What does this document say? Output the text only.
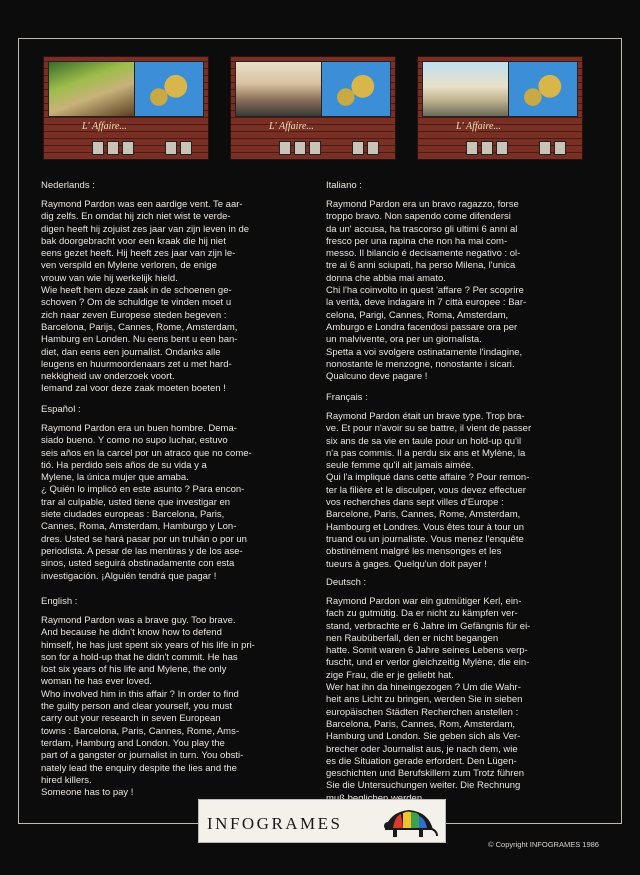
L' Affaire...	L' Affaire...	L' Affaire...

Nederlands :

Raymond Pardon was een aardige vent. Te aar-
dig zelfs. En omdat hij zich niet wist te verde-
digen heeft hij zojuist zes jaar van zijn leven in de
bak doorgebracht voor een kraak die hij niet
eens gezet heeft. Hij heeft zes jaar van zijn le-
ven verspild en Mylene verloren, de enige
vrouw van wie hij werkelijk hield.
Wie heeft hem deze zaak in de schoenen ge-
schoven ? Om de schuldige te vinden moet u
zich naar zeven Europese steden begeven :
Barcelona, Parijs, Cannes, Rome, Amsterdam,
Hamburg en Londen. Nu eens bent u een ban-
diet, dan eens een journalist. Ondanks alle
leugens en huurmoordenaars zet u met hard-
nekkigheid uw onderzoek voort.
Iemand zal voor deze zaak moeten boeten !

Español :

Raymond Pardon era un buen hombre. Dema-
siado bueno. Y como no supo luchar, estuvo
seis años en la carcel por un atraco que no come-
tió. Ha perdido seis años de su vida y a
Mylene, la única mujer que amaba.
¿ Quién lo implicó en este asunto ? Para encon-
trar al culpable, usted tiene que investigar en
siete ciudades europeas : Barcelona, Paris,
Cannes, Roma, Amsterdam, Hamburgo y Lon-
dres. Usted se hará pasar por un truhán o por un
periodista. A pesar de las mentiras y de los ase-
sinos, usted seguirá obstinadamente con esta
investigación. ¡Alguién tendrá que pagar !

English :

Raymond Pardon was a brave guy. Too brave.
And because he didn't know how to defend
himself, he has just spent six years of his life in pri-
son for a hold-up that he didn't commit. He has
lost six years of his life and Mylene, the only
woman he has ever loved.
Who involved him in this affair ? In order to find
the guilty person and clear yourself, you must
carry out your research in seven European
towns : Barcelona, Paris, Cannes, Rome, Ams-
terdam, Hamburg and London. You play the
part of a gangster or journalist in turn. You obsti-
nately lead the enquiry despite the lies and the
hired killers.
Someone has to pay !

Italiano :

Raymond Pardon era un bravo ragazzo, forse
troppo bravo. Non sapendo come difendersi
da un' accusa, ha trascorso gli ultimi 6 anni al
fresco per una rapina che non ha mai com-
messo. Il bilancio é decisamente negativo : ol-
tre ai 6 anni sciupati, ha perso Milena, l'unica
donna che abbia mai amato.
Chi l'ha coinvolto in quest 'affare ? Per scoprire
la verità, deve indagare in 7 città europee : Bar-
celona, Parigi, Cannes, Roma, Amsterdam,
Amburgo e Londra facendosi passare ora per
un malvivente, ora per un giornalista.
Spetta a voi svolgere ostinatamente l'indagine,
nonostante le menzogne, nonostante i sicari.
Qualcuno deve pagare !

Français :

Raymond Pardon était un brave type. Trop bra-
ve. Et pour n'avoir su se battre, il vient de passer
six ans de sa vie en taule pour un hold-up qu'il
n'a pas commis. Il a perdu six ans et Mylène, la
seule femme qu'il ait jamais aimée.
Qui l'a impliqué dans cette affaire ? Pour remon-
ter la filière et le disculper, vous devez effectuer
vos recherches dans sept villes d'Europe :
Barcelone, Paris, Cannes, Rome, Amsterdam,
Hambourg et Londres. Vous êtes tour à tour un
truand ou un journaliste. Vous menez l'enquête
obstinément malgré les mensonges et les
tueurs à gages. Quelqu'un doit payer !

Deutsch :

Raymond Pardon war ein gutmütiger Kerl, ein-
fach zu gutmütig. Da er nicht zu kämpfen ver-
stand, verbrachte er 6 Jahre im Gefängnis für ei-
nen Raubüberfall, den er nicht begangen
hatte. Somit waren 6 Jahre seines Lebens verp-
fuscht, und er verlor gleichzeitig Mylène, die ein-
zige Frau, die er je geliebt hat.
Wer hat ihn da hineingezogen ? Um die Wahr-
heit ans Licht zu bringen, werden Sie in sieben
europäischen Städten Recherchen anstellen :
Barcelona, Paris, Cannes, Rom, Amsterdam,
Hamburg und London. Sie geben sich als Ver-
brecher oder Journalist aus, je nach dem, wie
es die Situation gerade erfordert. Den Lügen-
geschichten und Berufskillern zum Trotz führen
Sie die Untersuchungen weiter. Die Rechnung

INFOGRAMES
© Copyright INFOGRAMES 1986
